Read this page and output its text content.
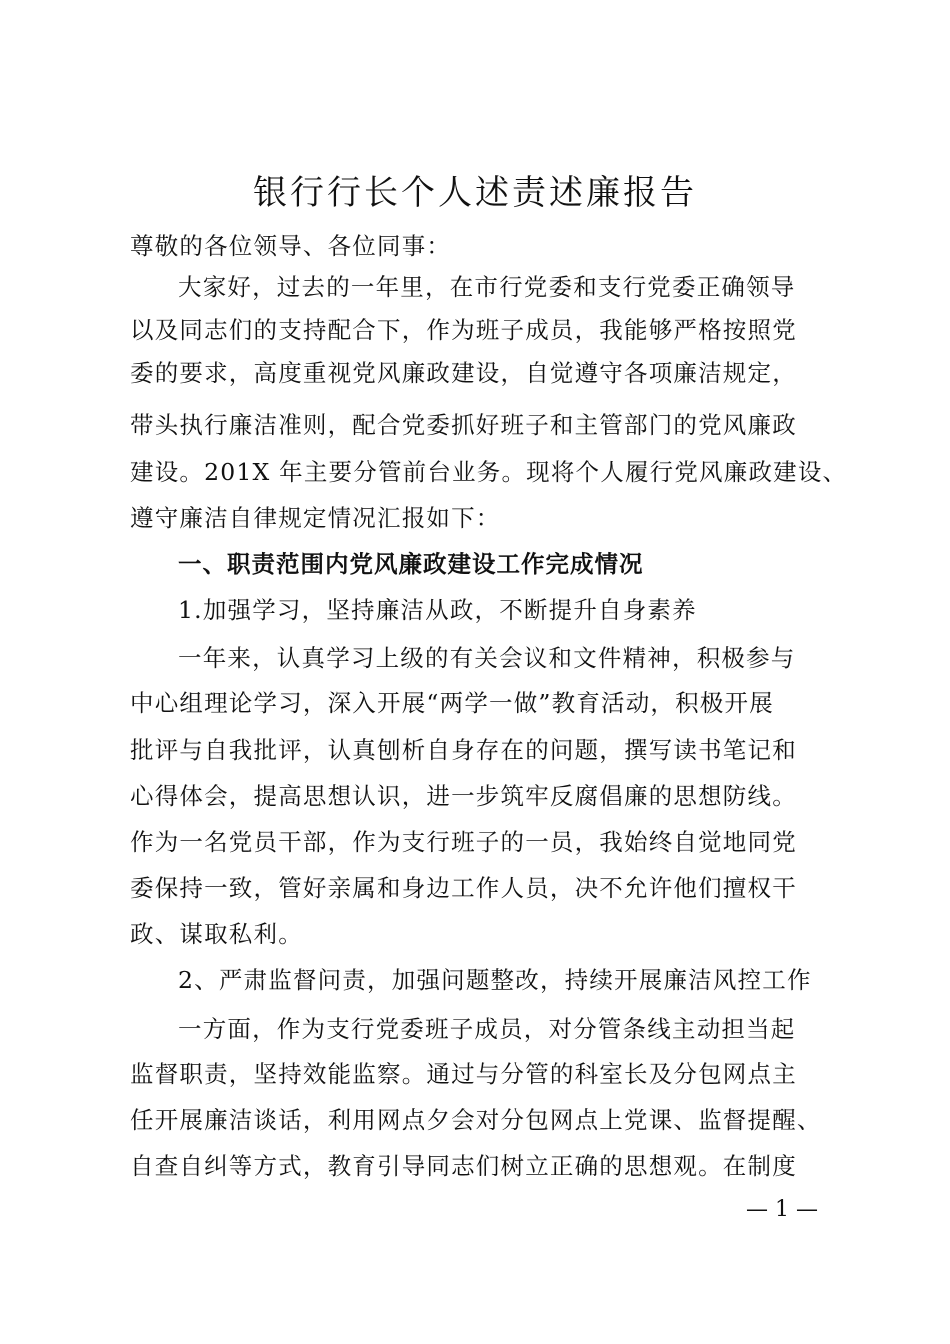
银行行长个人述责述廉报告
尊敬的各位领导、各位同事：
大家好，过去的一年里，在市行党委和支行党委正确领导
以及同志们的支持配合下，作为班子成员，我能够严格按照党
委的要求，高度重视党风廉政建设，自觉遵守各项廉洁规定，
带头执行廉洁准则，配合党委抓好班子和主管部门的党风廉政
建设。201X 年主要分管前台业务。现将个人履行党风廉政建设、
遵守廉洁自律规定情况汇报如下：
一、职责范围内党风廉政建设工作完成情况
1.加强学习，坚持廉洁从政，不断提升自身素养
一年来，认真学习上级的有关会议和文件精神，积极参与
中心组理论学习，深入开展“两学一做”教育活动，积极开展
批评与自我批评，认真刨析自身存在的问题，撰写读书笔记和
心得体会，提高思想认识，进一步筑牢反腐倡廉的思想防线。
作为一名党员干部，作为支行班子的一员，我始终自觉地同党
委保持一致，管好亲属和身边工作人员，决不允许他们擅权干
政、谋取私利。
2、严肃监督问责，加强问题整改，持续开展廉洁风控工作
一方面，作为支行党委班子成员，对分管条线主动担当起
监督职责，坚持效能监察。通过与分管的科室长及分包网点主
任开展廉洁谈话，利用网点夕会对分包网点上党课、监督提醒、
自查自纠等方式，教育引导同志们树立正确的思想观。在制度
— 1 —
